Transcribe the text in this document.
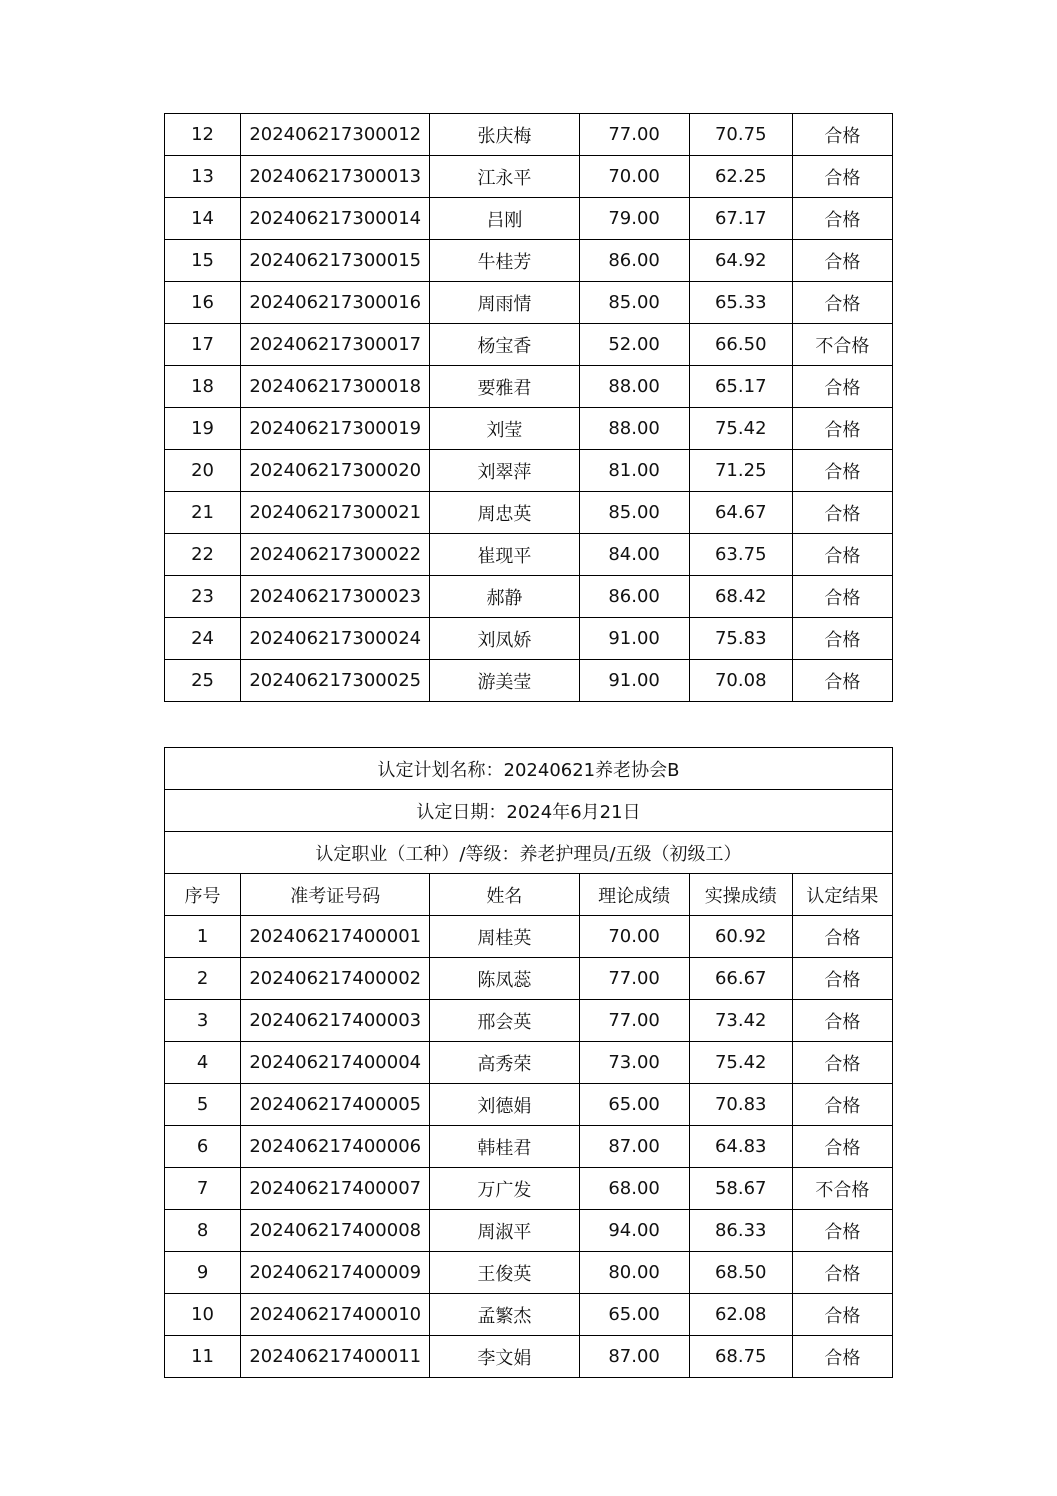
12	202406217300012	张庆梅	77.00	70.75	合格
13	202406217300013	江永平	70.00	62.25	合格
14	202406217300014	吕刚	79.00	67.17	合格
15	202406217300015	牛桂芳	86.00	64.92	合格
16	202406217300016	周雨情	85.00	65.33	合格
17	202406217300017	杨宝香	52.00	66.50	不合格
18	202406217300018	要雅君	88.00	65.17	合格
19	202406217300019	刘莹	88.00	75.42	合格
20	202406217300020	刘翠萍	81.00	71.25	合格
21	202406217300021	周忠英	85.00	64.67	合格
22	202406217300022	崔现平	84.00	63.75	合格
23	202406217300023	郝静	86.00	68.42	合格
24	202406217300024	刘凤娇	91.00	75.83	合格
25	202406217300025	游美莹	91.00	70.08	合格
认定计划名称：20240621养老协会B					
认定日期：2024年6月21日					
认定职业（工种）/等级：养老护理员/五级（初级工）					
序号	准考证号码	姓名	理论成绩	实操成绩	认定结果
1	202406217400001	周桂英	70.00	60.92	合格
2	202406217400002	陈凤蕊	77.00	66.67	合格
3	202406217400003	邢会英	77.00	73.42	合格
4	202406217400004	高秀荣	73.00	75.42	合格
5	202406217400005	刘德娟	65.00	70.83	合格
6	202406217400006	韩桂君	87.00	64.83	合格
7	202406217400007	万广发	68.00	58.67	不合格
8	202406217400008	周淑平	94.00	86.33	合格
9	202406217400009	王俊英	80.00	68.50	合格
10	202406217400010	孟繁杰	65.00	62.08	合格
11	202406217400011	李文娟	87.00	68.75	合格
